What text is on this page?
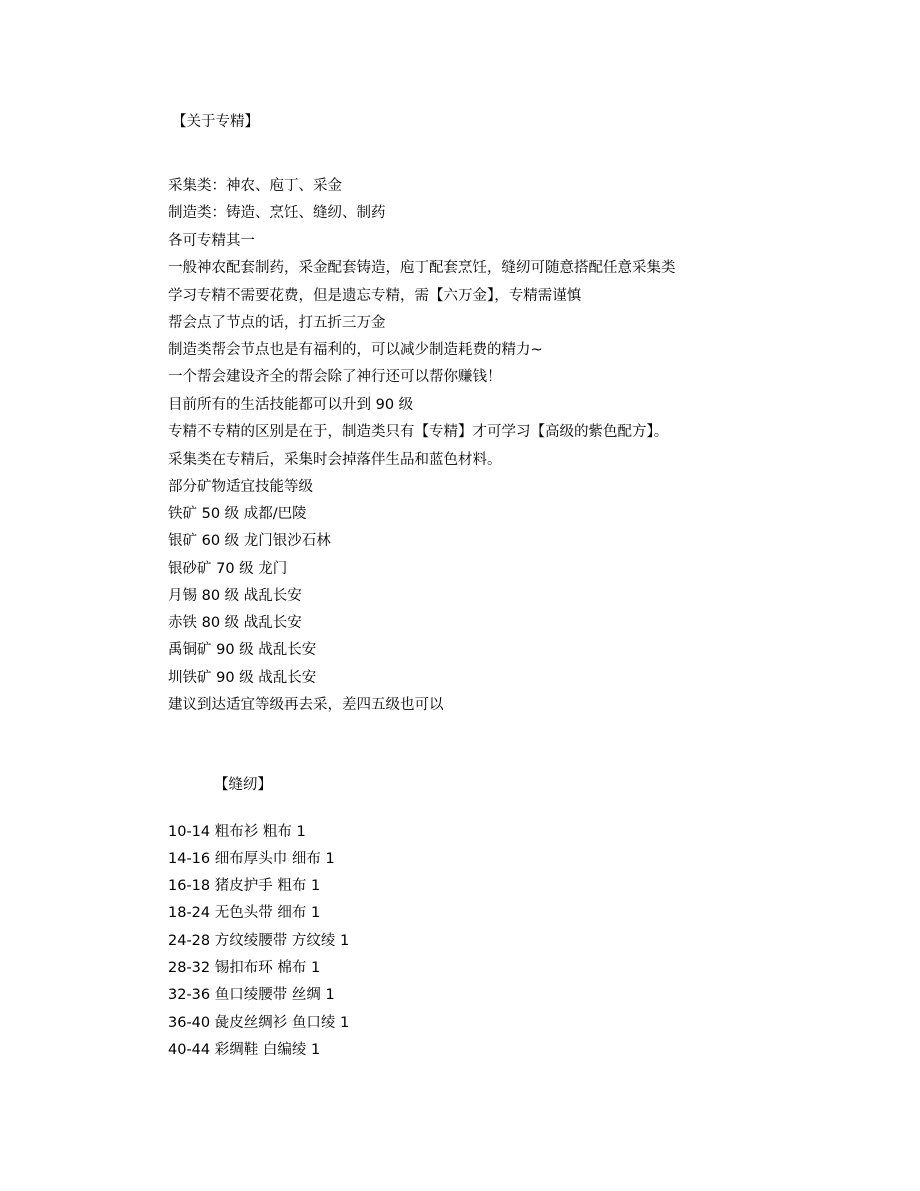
【关于专精】
采集类：神农、庖丁、采金
制造类：铸造、烹饪、缝纫、制药
各可专精其一
一般神农配套制药，采金配套铸造，庖丁配套烹饪，缝纫可随意搭配任意采集类
学习专精不需要花费，但是遗忘专精，需【六万金】，专精需谨慎
帮会点了节点的话，打五折三万金
制造类帮会节点也是有福利的，可以减少制造耗费的精力~
一个帮会建设齐全的帮会除了神行还可以帮你赚钱！
目前所有的生活技能都可以升到 90 级
专精不专精的区别是在于，制造类只有【专精】才可学习【高级的紫色配方】。
采集类在专精后，采集时会掉落伴生品和蓝色材料。
部分矿物适宜技能等级
铁矿 50 级 成都/巴陵
银矿 60 级 龙门银沙石林
银砂矿 70 级 龙门
月锡 80 级 战乱长安
赤铁 80 级 战乱长安
禹铜矿 90 级 战乱长安
圳铁矿 90 级 战乱长安
建议到达适宜等级再去采，差四五级也可以
【缝纫】
10-14 粗布衫 粗布 1
14-16 细布厚头巾 细布 1
16-18 猪皮护手 粗布 1
18-24 无色头带 细布 1
24-28 方纹绫腰带 方纹绫 1
28-32 锡扣布环 棉布 1
32-36 鱼口绫腰带 丝绸 1
36-40 彘皮丝绸衫 鱼口绫 1
40-44 彩绸鞋 白编绫 1
